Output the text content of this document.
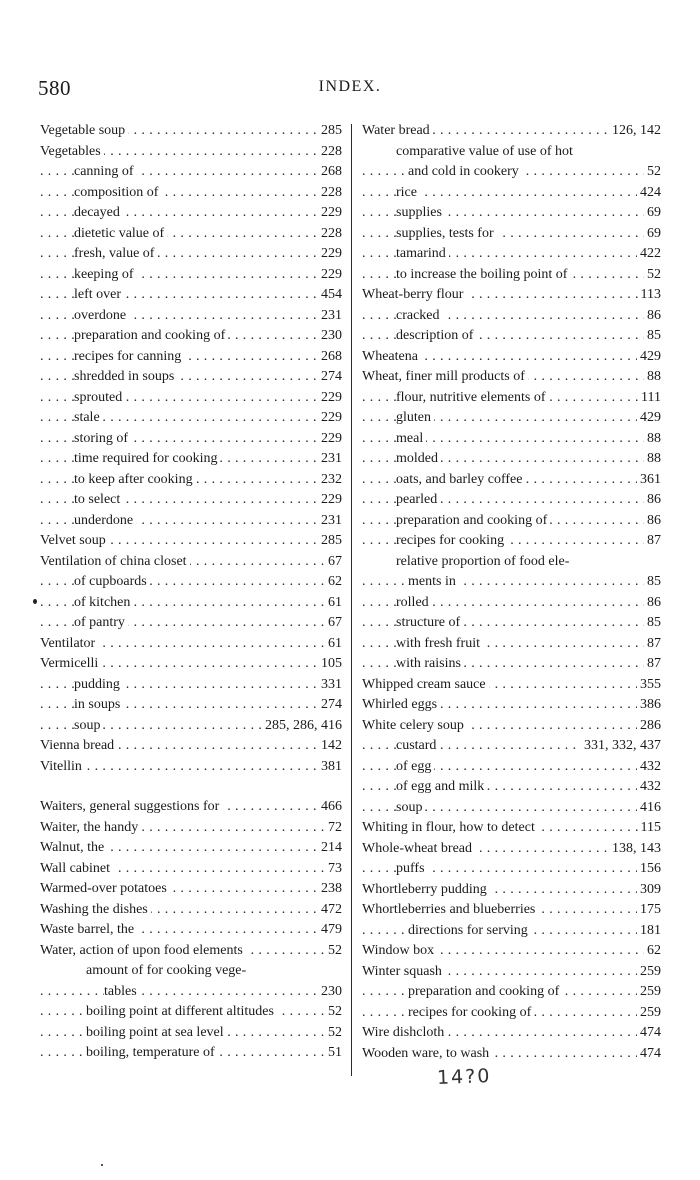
580	INDEX.
. . . Vegetable soup	285
. . . Vegetables	228
. . . canning of	268
. . . composition of	228
. . . decayed	229
. . . dietetic value of	228
. . . fresh, value of	229
. . . keeping of	229
. . . left over	454
. . . overdone	231
. . . preparation and cooking of	230
. . . recipes for canning	268
. . . shredded in soups	274
. . . sprouted	229
. . . stale	229
. . . storing of	229
. . . time required for cooking	231
. . . to keep after cooking	232
. . . to select	229
. . . underdone	231
. . . Velvet soup	285
. . . Ventilation of china closet	67
. . . of cupboards	62
. . . of kitchen	61
. . . of pantry	67
. . . Ventilator	61
. . . Vermicelli	105
. . . pudding	331
. . . in soups	274
. . . soup	285, 286, 416
. . . Vienna bread	142
. . . Vitellin	381
. . . Waiters, general suggestions for	466
. . . Waiter, the handy	72
. . . Walnut, the	214
. . . Wall cabinet	73
. . . Warmed-over potatoes	238
. . . Washing the dishes	472
. . . Waste barrel, the	479
. . . Water, action of upon food elements	52
amount of for cooking vege-
. . . tables	230
. . . boiling point at different altitudes	52
. . . boiling point at sea level	52
. . . boiling, temperature of	51
. . . Water bread	126, 142
comparative value of use of hot
. . . and cold in cookery	52
. . . rice	424
. . . supplies	69
. . . supplies, tests for	69
. . . tamarind	422
. . . to increase the boiling point of	52
. . . Wheat-berry flour	113
. . . cracked	86
. . . description of	85
. . . Wheatena	429
. . . Wheat, finer mill products of	88
. . . flour, nutritive elements of	111
. . . gluten	429
. . . meal	88
. . . molded	88
. . . oats, and barley coffee	361
. . . pearled	86
. . . preparation and cooking of	86
. . . recipes for cooking	87
relative proportion of food ele-
. . . ments in	85
. . . rolled	86
. . . structure of	85
. . . with fresh fruit	87
. . . with raisins	87
. . . Whipped cream sauce	355
. . . Whirled eggs	386
. . . White celery soup	286
. . . custard	331, 332, 437
. . . of egg	432
. . . of egg and milk	432
. . . soup	416
. . . Whiting in flour, how to detect	115
. . . Whole-wheat bread	138, 143
. . . puffs	156
. . . Whortleberry pudding	309
. . . Whortleberries and blueberries	175
. . . directions for serving	181
. . . Window box	62
. . . Winter squash	259
. . . preparation and cooking of	259
. . . recipes for cooking of	259
. . . Wire dishcloth	474
. . . Wooden ware, to wash	474
14?0
